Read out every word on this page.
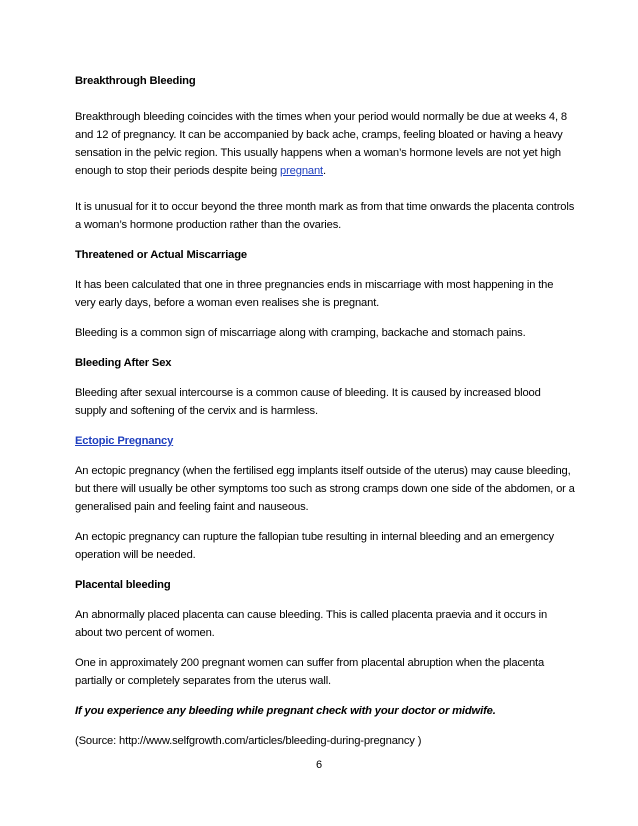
Breakthrough Bleeding

Breakthrough bleeding coincides with the times when your period would normally be due at weeks 4, 8 and 12 of pregnancy. It can be accompanied by back ache, cramps, feeling bloated or having a heavy sensation in the pelvic region. This usually happens when a woman’s hormone levels are not yet high enough to stop their periods despite being pregnant.

It is unusual for it to occur beyond the three month mark as from that time onwards the placenta controls a woman’s hormone production rather than the ovaries.

Threatened or Actual Miscarriage

It has been calculated that one in three pregnancies ends in miscarriage with most happening in the very early days, before a woman even realises she is pregnant.

Bleeding is a common sign of miscarriage along with cramping, backache and stomach pains.

Bleeding After Sex

Bleeding after sexual intercourse is a common cause of bleeding. It is caused by increased blood supply and softening of the cervix and is harmless.

Ectopic Pregnancy

An ectopic pregnancy (when the fertilised egg implants itself outside of the uterus) may cause bleeding, but there will usually be other symptoms too such as strong cramps down one side of the abdomen, or a generalised pain and feeling faint and nauseous.

An ectopic pregnancy can rupture the fallopian tube resulting in internal bleeding and an emergency operation will be needed.

Placental bleeding

An abnormally placed placenta can cause bleeding. This is called placenta praevia and it occurs in about two percent of women.

One in approximately 200 pregnant women can suffer from placental abruption when the placenta partially or completely separates from the uterus wall.

If you experience any bleeding while pregnant check with your doctor or midwife.

(Source: http://www.selfgrowth.com/articles/bleeding-during-pregnancy )

6
